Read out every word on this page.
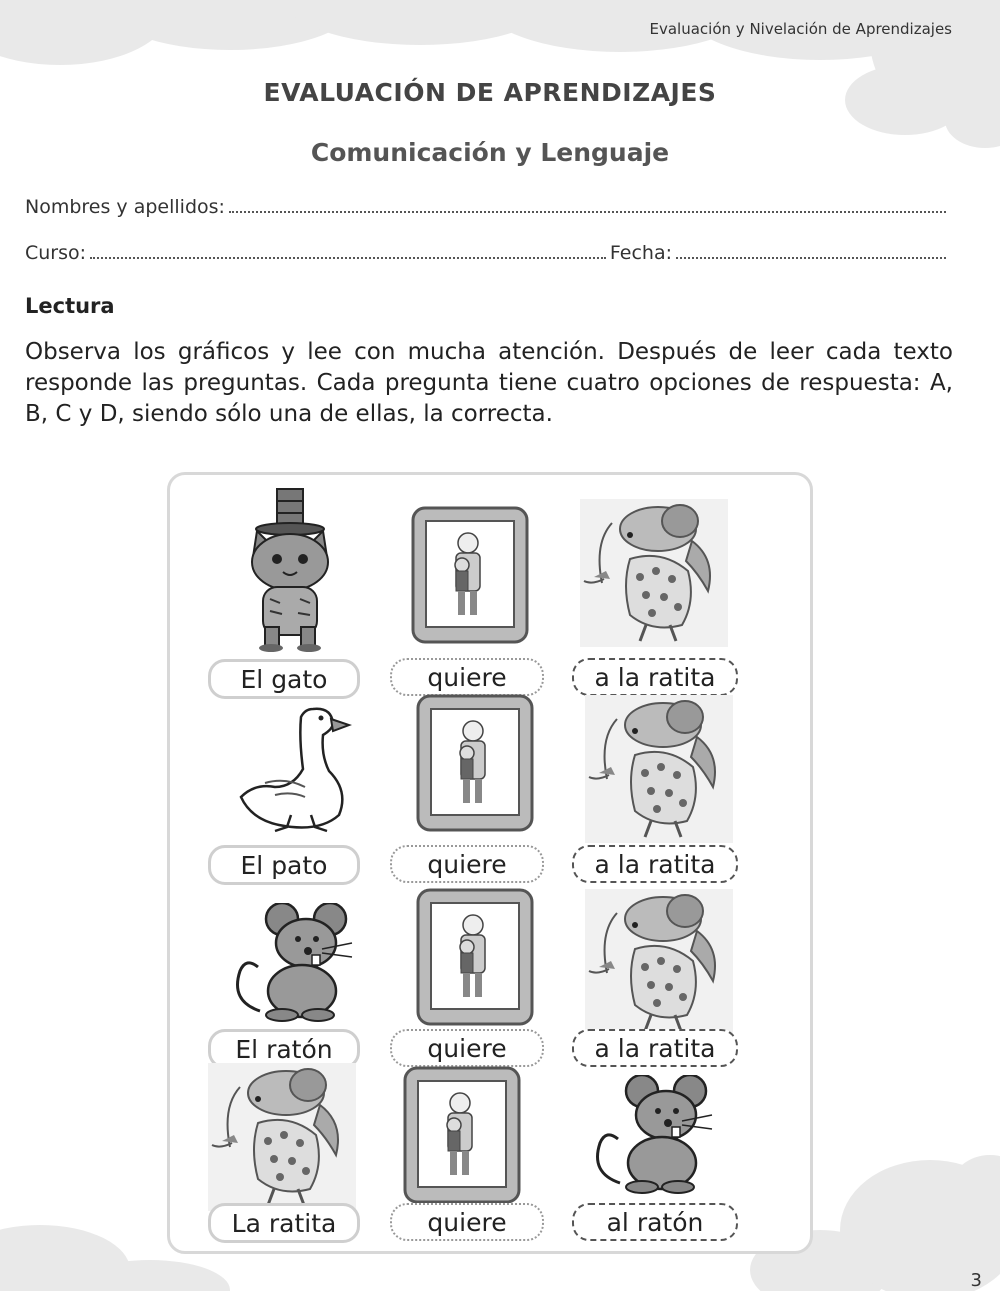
Evaluación y Nivelación de Aprendizajes
EVALUACIÓN DE APRENDIZAJES
Comunicación y Lenguaje
Nombres y apellidos:
Curso:	Fecha:
Lectura
Observa los gráficos y lee con mucha atención. Después de leer cada texto responde las preguntas. Cada pregunta tiene cuatro opciones de respuesta: A, B, C y D, siendo sólo una de ellas, la correcta.
El gato	quiere	a la ratita
El pato	quiere	a la ratita
El ratón	quiere	a la ratita
La ratita	quiere	al ratón
3
